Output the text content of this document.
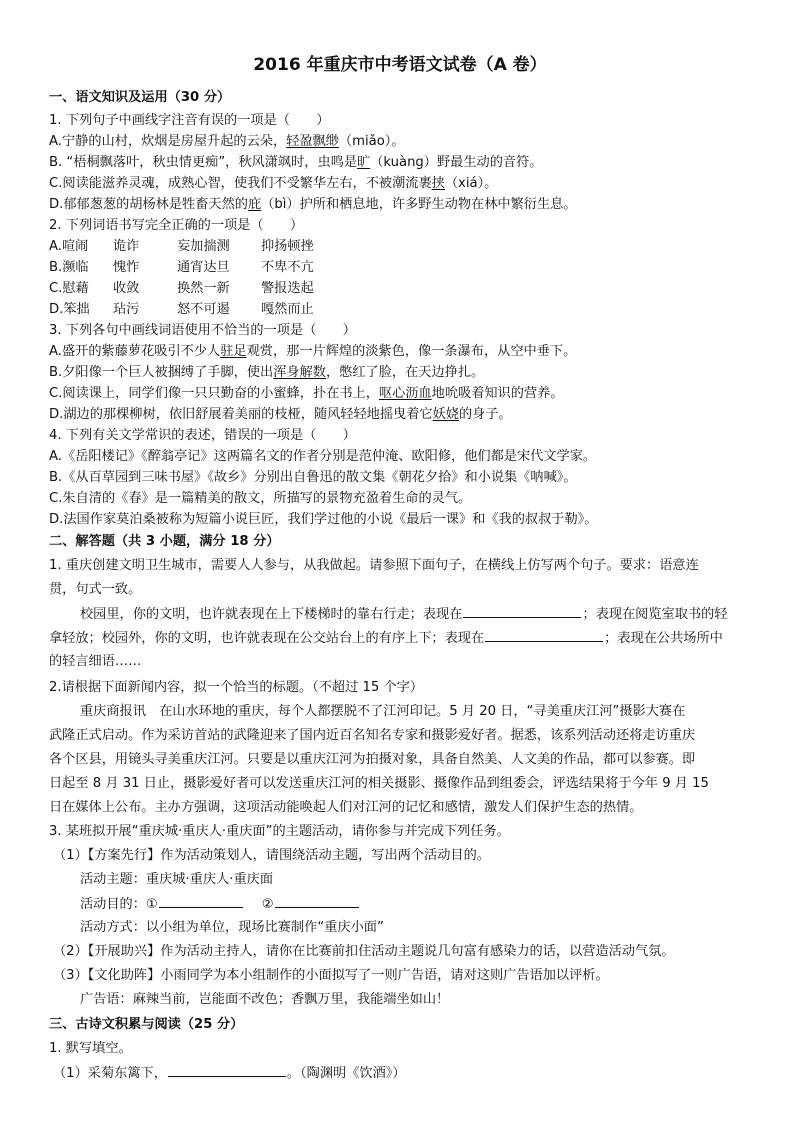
2016 年重庆市中考语文试卷（A 卷）
一、语文知识及运用（30 分）
1. 下列句子中画线字注音有误的一项是（　　）
A.宁静的山村，炊烟是房屋升起的云朵，轻盈飘缈（miǎo）。
B. “梧桐飘落叶，秋虫情更痴”，秋风潇飒时，虫鸣是旷（kuàng）野最生动的音符。
C.阅读能滋养灵魂，成熟心智，使我们不受繁华左右，不被潮流裹挟（xiá）。
D.郁郁葱葱的胡杨林是牲畜天然的庇（bì）护所和栖息地，许多野生动物在林中繁衍生息。
2. 下列词语书写完全正确的一项是（　　）
A.喧闹 诡诈	妄加揣测 抑扬顿挫
B.濒临 愧怍	通宵达旦 不卑不亢
C.慰藉 收敛	换然一新 警报迭起
D.笨拙 玷污	怒不可遏 嘎然而止
3. 下列各句中画线词语使用不恰当的一项是（　　）
A.盛开的紫藤萝花吸引不少人驻足观赏，那一片辉煌的淡紫色，像一条瀑布，从空中垂下。
B.夕阳像一个巨人被捆缚了手脚，使出浑身解数，憋红了脸，在天边挣扎。
C.阅读课上，同学们像一只只勤奋的小蜜蜂，扑在书上，呕心沥血地吮吸着知识的营养。
D.湖边的那棵柳树，依旧舒展着美丽的枝桠，随风轻轻地摇曳着它妖娆的身子。
4. 下列有关文学常识的表述，错误的一项是（　　）
A.《岳阳楼记》《醉翁亭记》这两篇名文的作者分别是范仲淹、欧阳修，他们都是宋代文学家。
B.《从百草园到三味书屋》《故乡》分别出自鲁迅的散文集《朝花夕拾》和小说集《呐喊》。
C.朱自清的《春》是一篇精美的散文，所描写的景物充盈着生命的灵气。
D.法国作家莫泊桑被称为短篇小说巨匠，我们学过他的小说《最后一课》和《我的叔叔于勒》。
二、解答题（共 3 小题，满分 18 分）
1. 重庆创建文明卫生城市，需要人人参与，从我做起。请参照下面句子，在横线上仿写两个句子。要求：语意连
贯，句式一致。
校园里，你的文明，也许就表现在上下楼梯时的靠右行走；表现在	；表现在阅览室取书的轻
拿轻放；校园外，你的文明，也许就表现在公交站台上的有序上下；表现在	；表现在公共场所中
的轻言细语……
2.请根据下面新闻内容，拟一个恰当的标题。（不超过 15 个字）
重庆商报讯　在山水环地的重庆，每个人都摆脱不了江河印记。5 月 20 日，“寻美重庆江河”摄影大赛在
武隆正式启动。作为采访首站的武隆迎来了国内近百名知名专家和摄影爱好者。据悉，该系列活动还将走访重庆
各个区县，用镜头寻美重庆江河。只要是以重庆江河为拍摄对象，具备自然美、人文美的作品，都可以参赛。即
日起至 8 月 31 日止，摄影爱好者可以发送重庆江河的相关摄影、摄像作品到组委会，评选结果将于今年 9 月 15
日在媒体上公布。主办方强调，这项活动能唤起人们对江河的记忆和感情，激发人们保护生态的热情。
3. 某班拟开展“重庆城·重庆人·重庆面”的主题活动，请你参与并完成下列任务。
（1）【方案先行】作为活动策划人，请围绕活动主题，写出两个活动目的。
活动主题：重庆城·重庆人·重庆面
活动目的：①	②
活动方式：以小组为单位，现场比赛制作“重庆小面”
（2）【开展助兴】作为活动主持人，请你在比赛前扣住活动主题说几句富有感染力的话，以营造活动气氛。
（3）【文化助阵】小雨同学为本小组制作的小面拟写了一则广告语，请对这则广告语加以评析。
广告语：麻辣当前，岂能面不改色；香飘万里，我能端坐如山！
三、古诗文积累与阅读（25 分）
1. 默写填空。
（1）采菊东篱下，	。（陶渊明《饮酒》）
